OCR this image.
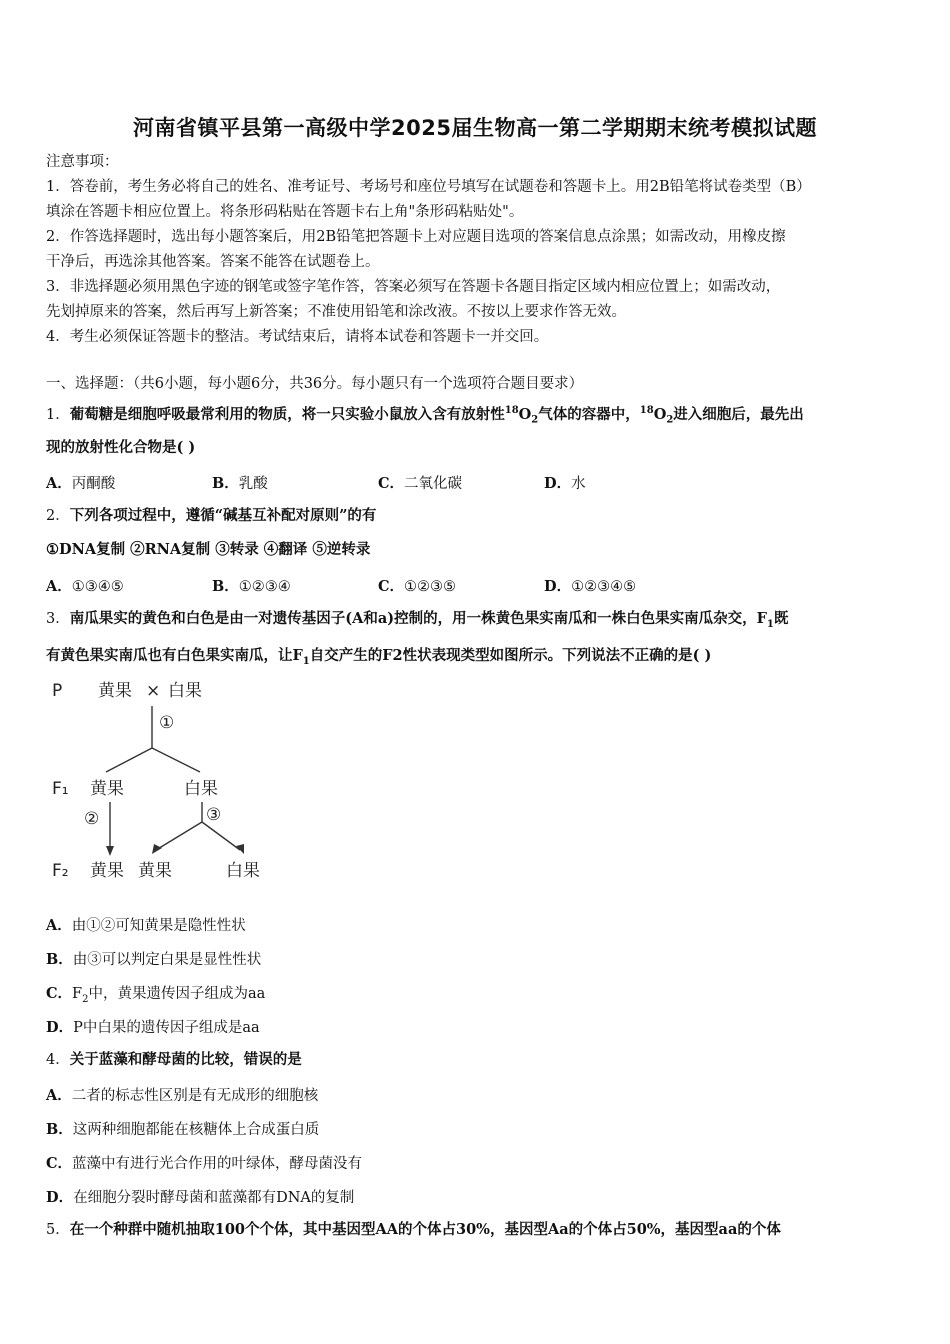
河南省镇平县第一高级中学2025届生物高一第二学期期末统考模拟试题
注意事项：
1．答卷前，考生务必将自己的姓名、准考证号、考场号和座位号填写在试题卷和答题卡上。用2B铅笔将试卷类型（B）
填涂在答题卡相应位置上。将条形码粘贴在答题卡右上角"条形码粘贴处"。
2．作答选择题时，选出每小题答案后，用2B铅笔把答题卡上对应题目选项的答案信息点涂黑；如需改动，用橡皮擦
干净后，再选涂其他答案。答案不能答在试题卷上。
3．非选择题必须用黑色字迹的钢笔或签字笔作答，答案必须写在答题卡各题目指定区域内相应位置上；如需改动，
先划掉原来的答案，然后再写上新答案；不准使用铅笔和涂改液。不按以上要求作答无效。
4．考生必须保证答题卡的整洁。考试结束后，请将本试卷和答题卡一并交回。
一、选择题：（共6小题，每小题6分，共36分。每小题只有一个选项符合题目要求）
1．葡萄糖是细胞呼吸最常利用的物质，将一只实验小鼠放入含有放射性$^{18}O_2$气体的容器中，$^{18}O_2$进入细胞后，最先出
现的放射性化合物是( )
A．丙酮酸	B．乳酸	C．二氧化碳	D．水
2．下列各项过程中，遵循“碱基互补配对原则”的有
①DNA复制 ②RNA复制 ③转录 ④翻译 ⑤逆转录
A．①③④⑤	B．①②③④	C．①②③⑤	D．①②③④⑤
3．南瓜果实的黄色和白色是由一对遗传基因子(A和a)控制的，用一株黄色果实南瓜和一株白色果实南瓜杂交，$F_1$既
有黄色果实南瓜也有白色果实南瓜，让$F_1$自交产生的F2性状表现类型如图所示。下列说法不正确的是( )
P 黄果 × 白果
①
F₁ 黄果	白果
②	③
F₂ 黄果 黄果	白果
A．由①②可知黄果是隐性性状
B．由③可以判定白果是显性性状
C．$F_2$中，黄果遗传因子组成为aa
D．P中白果的遗传因子组成是aa
4．关于蓝藻和酵母菌的比较，错误的是
A．二者的标志性区别是有无成形的细胞核
B．这两种细胞都能在核糖体上合成蛋白质
C．蓝藻中有进行光合作用的叶绿体，酵母菌没有
D．在细胞分裂时酵母菌和蓝藻都有DNA的复制
5．在一个种群中随机抽取100个个体，其中基因型AA的个体占30%，基因型Aa的个体占50%，基因型aa的个体
